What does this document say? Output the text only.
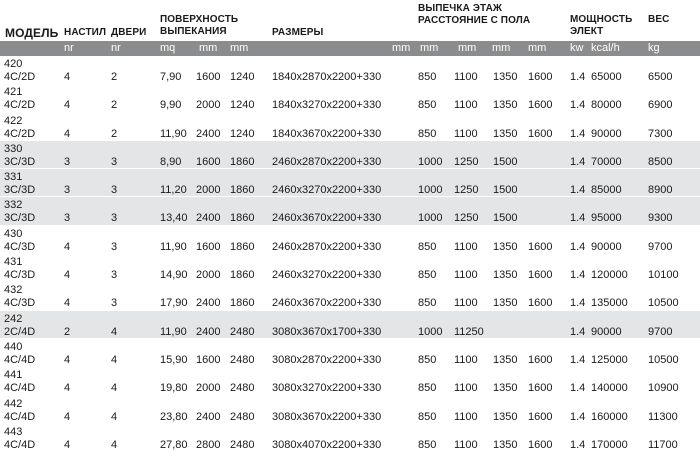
МОДЕЛЬ НАСТИЛ ДВЕРИ
ПОВЕРХНОСТЬ ВЫПЕКАНИЯ	РАЗМЕРЫ
ВЫПЕЧКА ЭТАЖ РАССТОЯНИЕ С ПОЛА	МОЩНОСТЬ ЭЛЕКТ
ВЕС
nr	nr	mq mm mm	mm mm mm mm mm kw kcal/h	kg
420 4C/2D	4	2	7,90 1600 1240 1840x2870x2200+330	850 1100 1350 1600 1.4 65000 6500
421 4C/2D	4	2	9,90 2000 1240 1840x3270x2200+330	850 1100 1350 1600 1.4 80000 6900
422 4C/2D	4	2	11,90 2400 1240 1840x3670x2200+330	850 1100 1350 1600 1.4 90000 7300
330 3C/3D	3	3	8,90 1600 1860 2460x2870x2200+330	1000 1250 1500	1.4 70000 8500
331 3C/3D	3	3	11,20 2000 1860 2460x3270x2200+330	1000 1250 1500	1.4 85000 8900
332 3C/3D	3	3	13,40 2400 1860 2460x3670x2200+330	1000 1250 1500	1.4 95000 9300
430 4C/3D	4	3	11,90 1600 1860 2460x2870x2200+330	850 1100 1350 1600 1.4 90000 9700
431 4C/3D	4	3	14,90 2000 1860 2460x3270x2200+330	850 1100 1350 1600 1.4 120000 10100
432 4C/3D	4	3	17,90 2400 1860 2460x3670x2200+330	850 1100 1350 1600 1.4 135000 10500
242 2C/4D	2	4	11,90 2400 2480 3080x3670x1700+330	1000 11250	1.4 90000 9700
440 4C/4D	4	4	15,90 1600 2480 3080x2870x2200+330	850 1100 1350 1600 1.4 125000 10500
441 4C/4D	4	4	19,80 2000 2480 3080x3270x2200+330	850 1100 1350 1600 1.4 140000 10900
442 4C/4D	4	4	23,80 2400 2480 3080x3670x2200+330	850 1100 1350 1600 1.4 160000 11300
443 4C/4D	4	4	27,80 2800 2480 3080x4070x2200+330	850 1100 1350 1600 1.4 170000 11700
